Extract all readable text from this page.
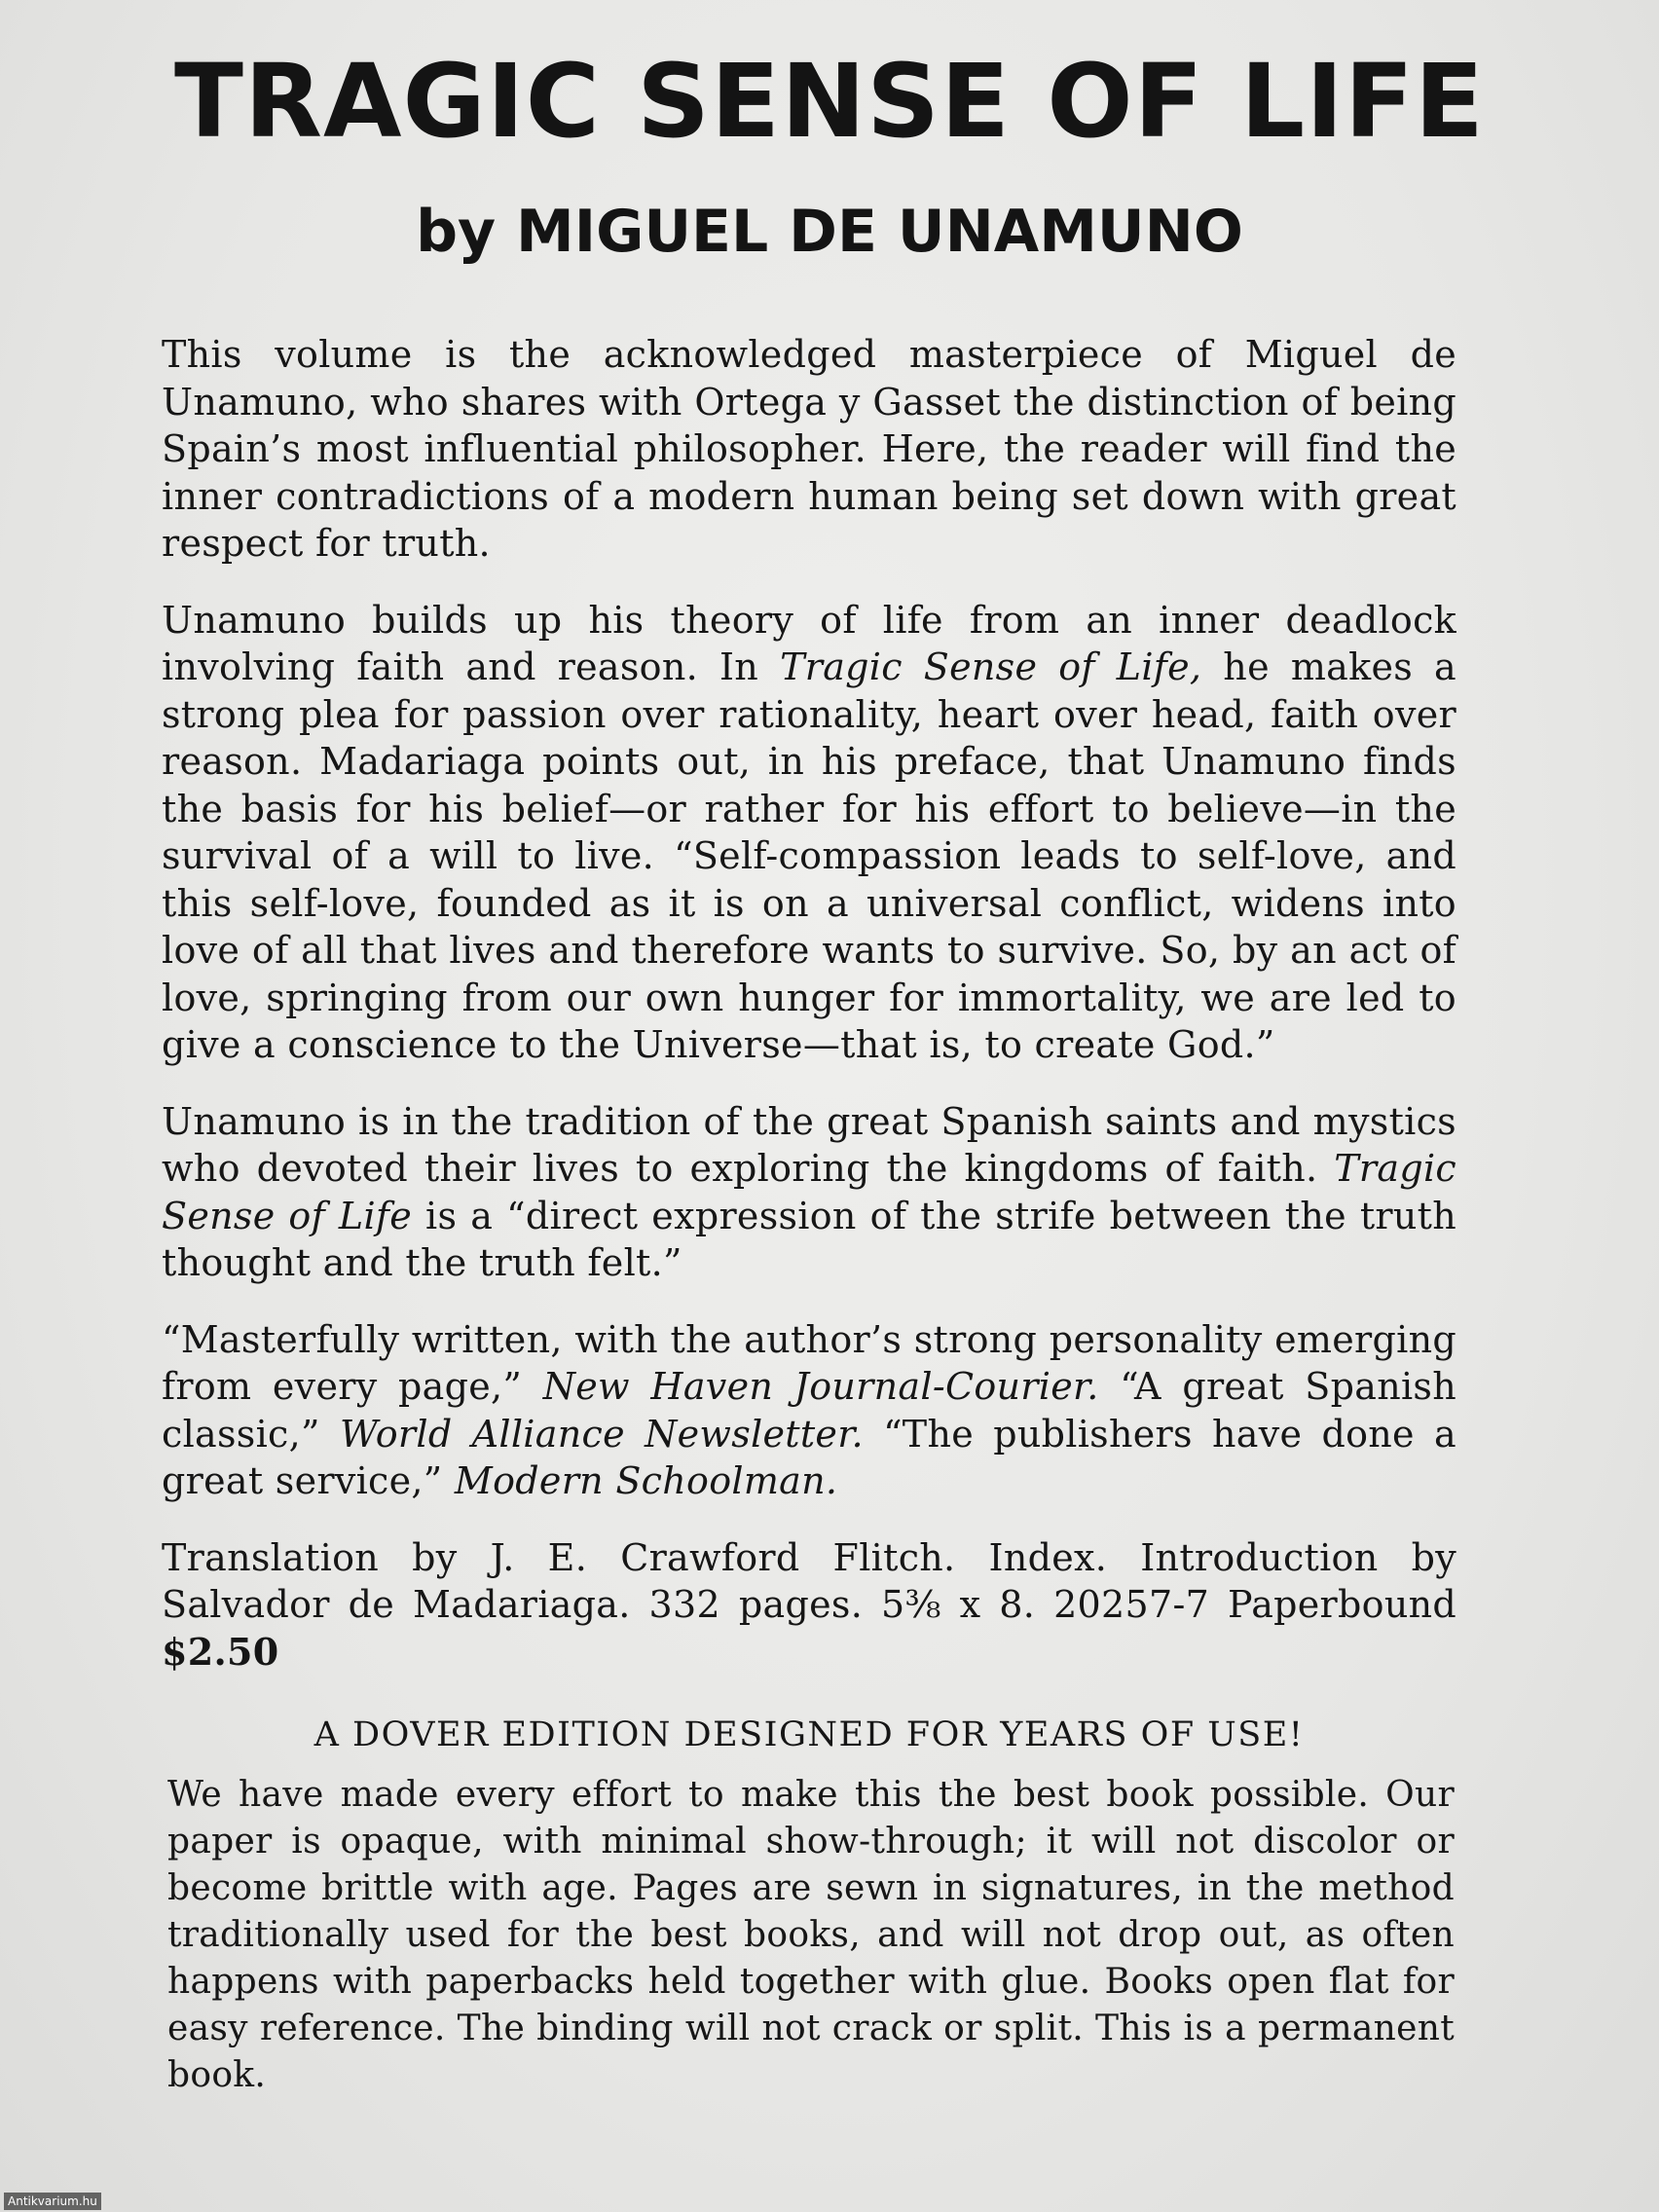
TRAGIC SENSE OF LIFE
by MIGUEL DE UNAMUNO

This volume is the acknowledged masterpiece of Miguel de Unamuno, who shares with Ortega y Gasset the distinction of being Spain’s most influential philosopher. Here, the reader will find the inner contradictions of a modern human being set down with great respect for truth.

Unamuno builds up his theory of life from an inner deadlock involving faith and reason. In Tragic Sense of Life, he makes a strong plea for passion over rationality, heart over head, faith over reason. Madariaga points out, in his preface, that Unamuno finds the basis for his belief—or rather for his effort to believe—in the survival of a will to live. “Self-compassion leads to self-love, and this self-love, founded as it is on a universal conflict, widens into love of all that lives and therefore wants to survive. So, by an act of love, springing from our own hunger for immortality, we are led to give a conscience to the Universe—that is, to create God.”

Unamuno is in the tradition of the great Spanish saints and mystics who devoted their lives to exploring the kingdoms of faith. Tragic Sense of Life is a “direct expression of the strife between the truth thought and the truth felt.”

“Masterfully written, with the author’s strong personality emerging from every page,” New Haven Journal-Courier. “A great Spanish classic,” World Alliance Newsletter. “The publishers have done a great service,” Modern Schoolman.

Translation by J. E. Crawford Flitch. Index. Introduction by Salvador de Madariaga. 332 pages. 5⅜ x 8. 20257-7 Paperbound $2.50

A DOVER EDITION DESIGNED FOR YEARS OF USE!

We have made every effort to make this the best book possible. Our paper is opaque, with minimal show-through; it will not discolor or become brittle with age. Pages are sewn in signatures, in the method traditionally used for the best books, and will not drop out, as often happens with paperbacks held together with glue. Books open flat for easy reference. The binding will not crack or split. This is a permanent book.

Antikvarium.hu
